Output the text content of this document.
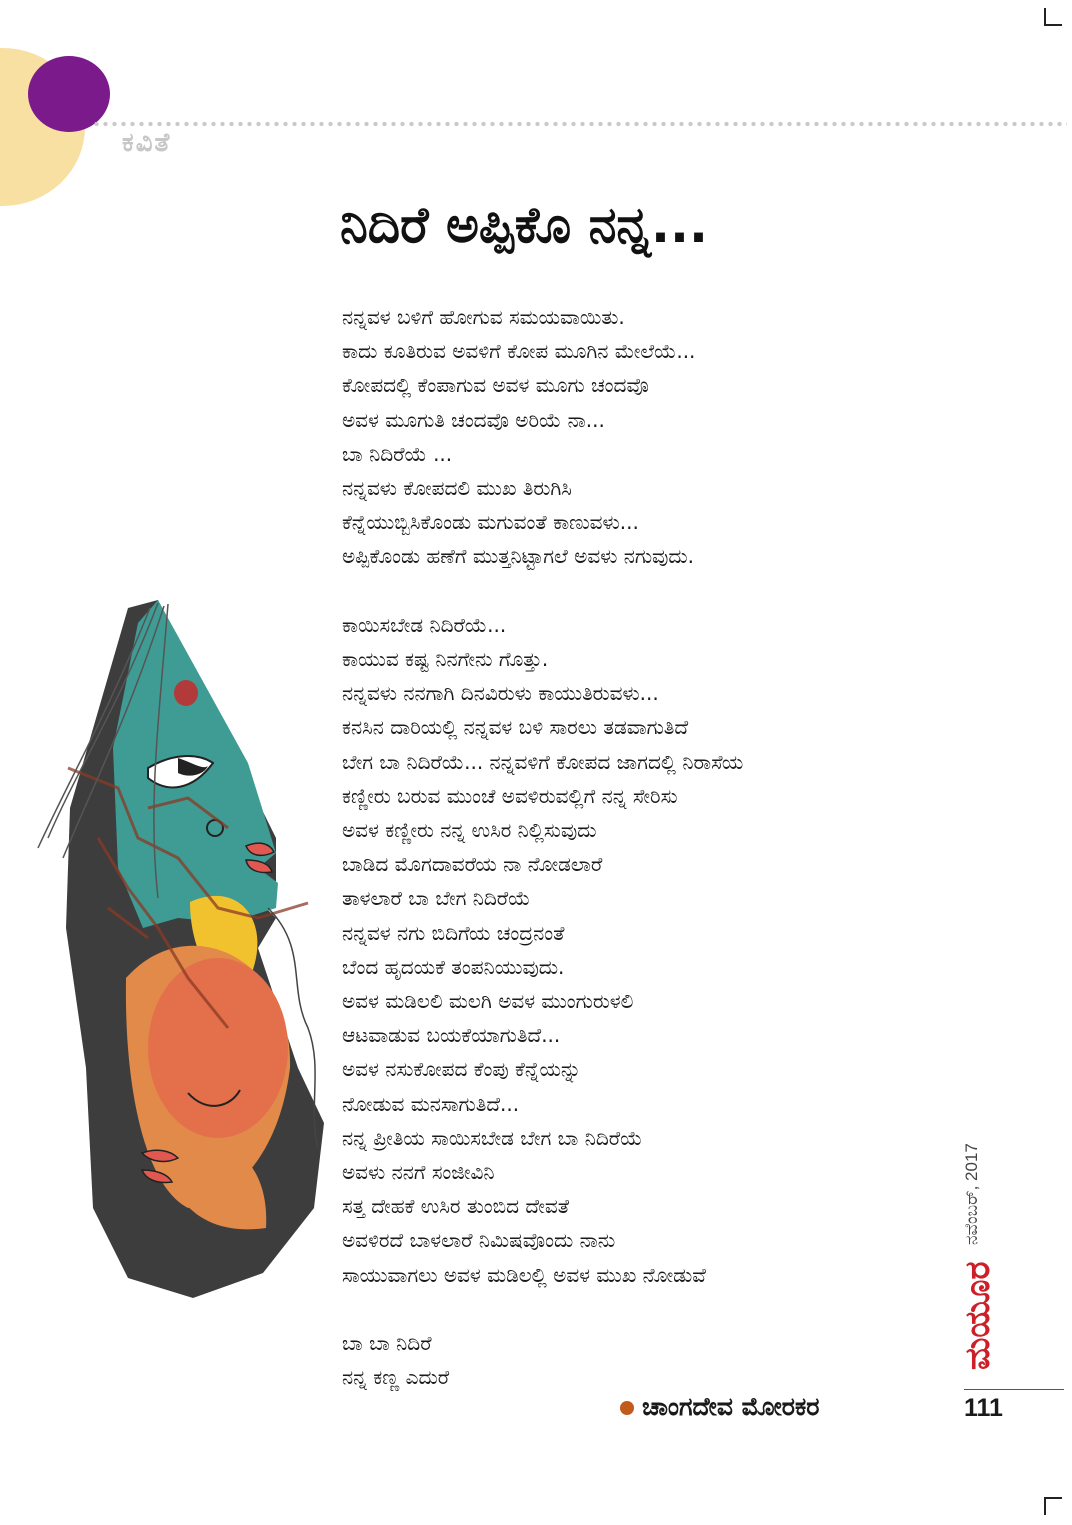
ಕವಿತೆ
ನಿದಿರೆ ಅಪ್ಪಿಕೊ ನನ್ನ...
ನನ್ನವಳ ಬಳಿಗೆ ಹೋಗುವ ಸಮಯವಾಯಿತು.
ಕಾದು ಕೂತಿರುವ ಅವಳಿಗೆ ಕೋಪ ಮೂಗಿನ ಮೇಲೆಯೆ...
ಕೋಪದಲ್ಲಿ ಕೆಂಪಾಗುವ ಅವಳ ಮೂಗು ಚಂದವೊ
ಅವಳ ಮೂಗುತಿ ಚಂದವೊ ಅರಿಯೆ ನಾ...
ಬಾ ನಿದಿರೆಯೆ ...
ನನ್ನವಳು ಕೋಪದಲಿ ಮುಖ ತಿರುಗಿಸಿ
ಕೆನ್ನೆಯುಬ್ಬಿಸಿಕೊಂಡು ಮಗುವಂತೆ ಕಾಣುವಳು...
ಅಪ್ಪಿಕೊಂಡು ಹಣೆಗೆ ಮುತ್ತನಿಟ್ಟಾಗಲೆ ಅವಳು ನಗುವುದು.

ಕಾಯಿಸಬೇಡ ನಿದಿರೆಯೆ...
ಕಾಯುವ ಕಷ್ಟ ನಿನಗೇನು ಗೊತ್ತು.
ನನ್ನವಳು ನನಗಾಗಿ ದಿನವಿರುಳು ಕಾಯುತಿರುವಳು...
ಕನಸಿನ ದಾರಿಯಲ್ಲಿ ನನ್ನವಳ ಬಳಿ ಸಾರಲು ತಡವಾಗುತಿದೆ
ಬೇಗ ಬಾ ನಿದಿರೆಯೆ... ನನ್ನವಳಿಗೆ ಕೋಪದ ಜಾಗದಲ್ಲಿ ನಿರಾಸೆಯ
ಕಣ್ಣೀರು ಬರುವ ಮುಂಚೆ ಅವಳಿರುವಲ್ಲಿಗೆ ನನ್ನ ಸೇರಿಸು
ಅವಳ ಕಣ್ಣೀರು ನನ್ನ ಉಸಿರ ನಿಲ್ಲಿಸುವುದು
ಬಾಡಿದ ಮೊಗದಾವರೆಯ ನಾ ನೋಡಲಾರೆ
ತಾಳಲಾರೆ ಬಾ ಬೇಗ ನಿದಿರೆಯೆ
ನನ್ನವಳ ನಗು ಬಿದಿಗೆಯ ಚಂದ್ರನಂತೆ
ಬೆಂದ ಹೃದಯಕೆ ತಂಪನಿಯುವುದು.
ಅವಳ ಮಡಿಲಲಿ ಮಲಗಿ ಅವಳ ಮುಂಗುರುಳಲಿ
ಆಟವಾಡುವ ಬಯಕೆಯಾಗುತಿದೆ...
ಅವಳ ನಸುಕೋಪದ ಕೆಂಪು ಕೆನ್ನೆಯನ್ನು
ನೋಡುವ ಮನಸಾಗುತಿದೆ...
ನನ್ನ ಪ್ರೀತಿಯ ಸಾಯಿಸಬೇಡ ಬೇಗ ಬಾ ನಿದಿರೆಯೆ
ಅವಳು ನನಗೆ ಸಂಜೀವಿನಿ
ಸತ್ತ ದೇಹಕೆ ಉಸಿರ ತುಂಬಿದ ದೇವತೆ
ಅವಳಿರದೆ ಬಾಳಲಾರೆ ನಿಮಿಷವೊಂದು ನಾನು
ಸಾಯುವಾಗಲು ಅವಳ ಮಡಿಲಲ್ಲಿ ಅವಳ ಮುಖ ನೋಡುವೆ

ಬಾ ಬಾ ನಿದಿರೆ
ನನ್ನ ಕಣ್ಣ ಎದುರೆ
ಚಾಂಗದೇವ ಮೋರಕರ	111
ನವೆಂಬರ್, 2017
ಮಯೂರ
